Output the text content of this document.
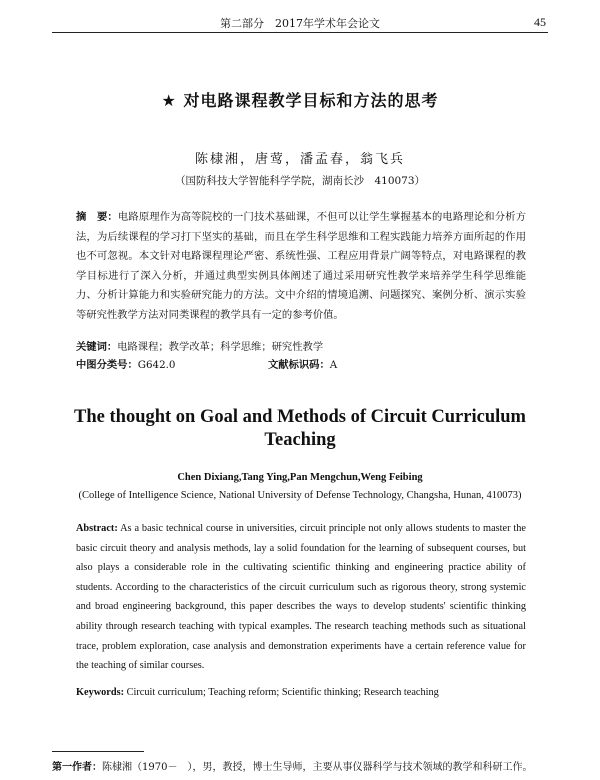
第二部分　2017年学术年会论文	45
★ 对电路课程教学目标和方法的思考
陈棣湘，唐莺，潘孟春，翁飞兵
（国防科技大学智能科学学院，湖南长沙　410073）
摘　要：电路原理作为高等院校的一门技术基础课，不但可以让学生掌握基本的电路理论和分析方法，为后续课程的学习打下坚实的基础，而且在学生科学思维和工程实践能力培养方面所起的作用也不可忽视。本文针对电路课程理论严密、系统性强、工程应用背景广阔等特点，对电路课程的教学目标进行了深入分析，并通过典型实例具体阐述了通过采用研究性教学来培养学生科学思维能力、分析计算能力和实验研究能力的方法。文中介绍的情境追溯、问题探究、案例分析、演示实验等研究性教学方法对同类课程的教学具有一定的参考价值。
关键词：电路课程；教学改革；科学思维；研究性教学
中图分类号：G642.0	文献标识码：A
The thought on Goal and Methods of Circuit Curriculum
Teaching
Chen Dixiang,Tang Ying,Pan Mengchun,Weng Feibing
(College of Intelligence Science, National University of Defense Technology, Changsha, Hunan, 410073)
Abstract: As a basic technical course in universities, circuit principle not only allows students to master the basic circuit theory and analysis methods, lay a solid foundation for the learning of subsequent courses, but also plays a considerable role in the cultivating scientific thinking and engineering practice ability of students. According to the characteristics of the circuit curriculum such as rigorous theory, strong systemic and broad engineering background, this paper describes the ways to develop students' scientific thinking ability through research teaching with typical examples. The research teaching methods such as situational trace, problem exploration, case analysis and demonstration experiments have a certain reference value for the teaching of similar courses.
Keywords: Circuit curriculum; Teaching reform; Scientific thinking; Research teaching
第一作者：陈棣湘（1970－　），男，教授，博士生导师，主要从事仪器科学与技术领域的教学和科研工作。
